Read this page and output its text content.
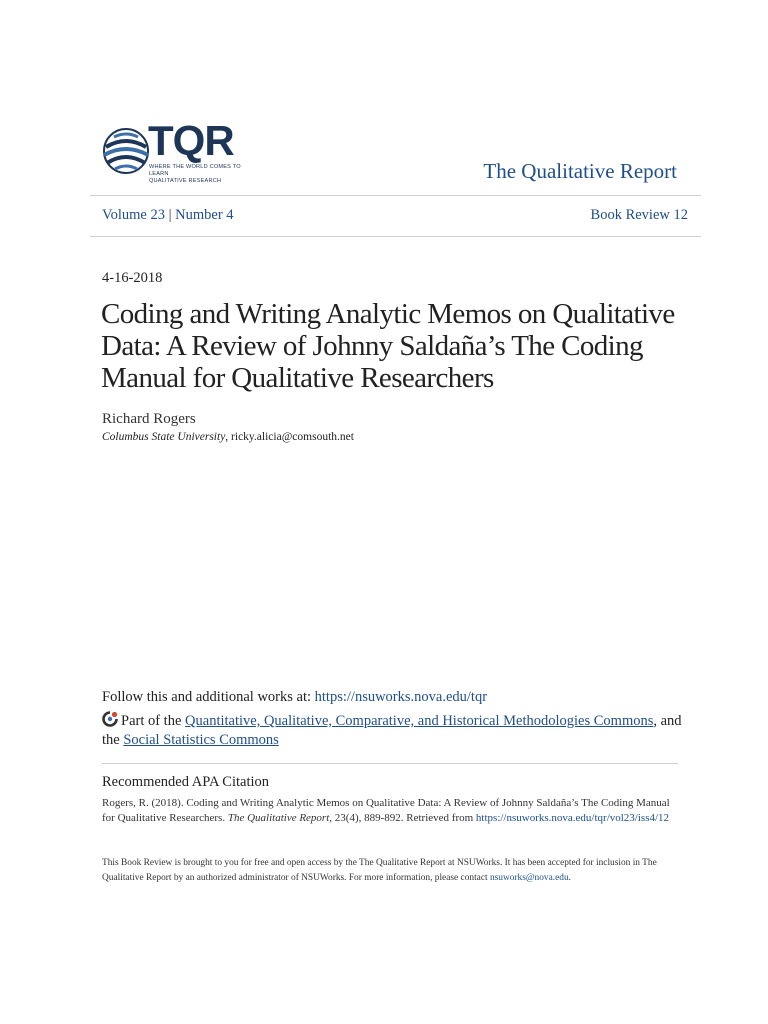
TQR
WHERE THE WORLD COMES TO LEARN
QUALITATIVE RESEARCH	The Qualitative Report
Volume 23 | Number 4	Book Review 12
4-16-2018
Coding and Writing Analytic Memos on Qualitative Data: A Review of Johnny Saldaña’s The Coding Manual for Qualitative Researchers
Richard Rogers
Columbus State University, ricky.alicia@comsouth.net
Follow this and additional works at: https://nsuworks.nova.edu/tqr
Part of the Quantitative, Qualitative, Comparative, and Historical Methodologies Commons, and the Social Statistics Commons
Recommended APA Citation
Rogers, R. (2018). Coding and Writing Analytic Memos on Qualitative Data: A Review of Johnny Saldaña’s The Coding Manual for Qualitative Researchers. The Qualitative Report, 23(4), 889-892. Retrieved from https://nsuworks.nova.edu/tqr/vol23/iss4/12
This Book Review is brought to you for free and open access by the The Qualitative Report at NSUWorks. It has been accepted for inclusion in The Qualitative Report by an authorized administrator of NSUWorks. For more information, please contact nsuworks@nova.edu.
